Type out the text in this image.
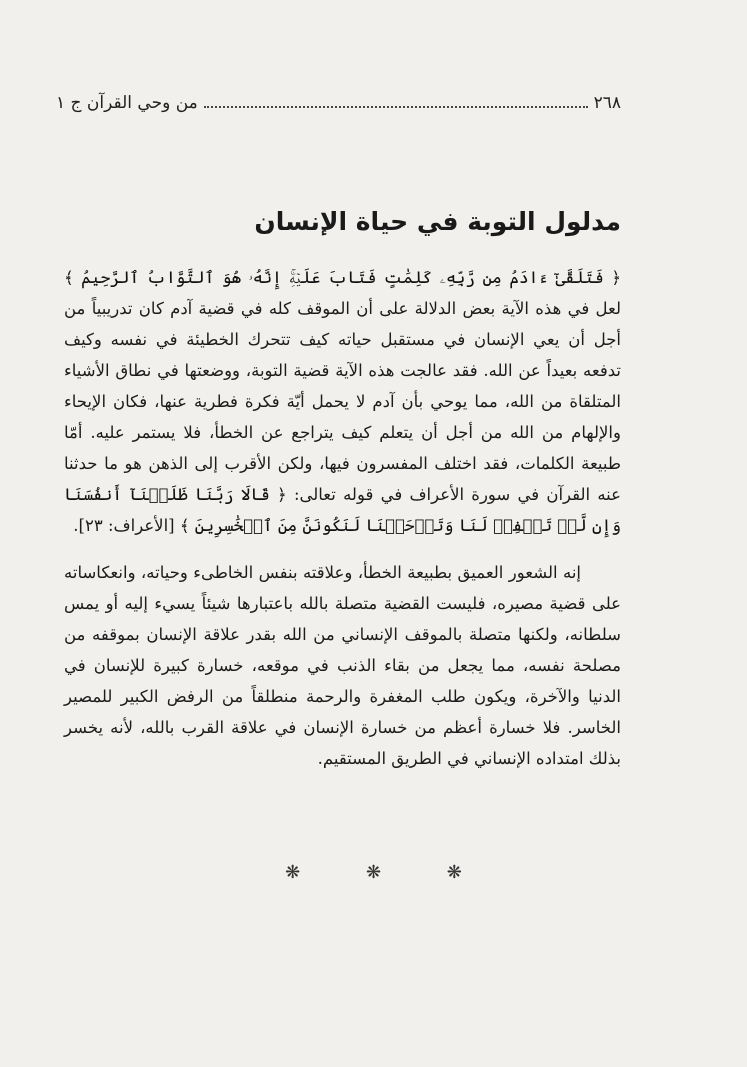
٢٦٨
من وحي القرآن ج ١
مدلول التوبة في حياة الإنسان

﴿ فَتَلَقَّىٰٓ ءَادَمُ مِن رَّبِّهِۦ كَلِمَٰتٍ فَتَابَ عَلَيۡهِۚ إِنَّهُۥ هُوَ ٱلتَّوَّابُ ٱلرَّحِيمُ ﴾ لعل في هذه الآية بعض الدلالة على أن الموقف كله في قضية آدم كان تدريبياً من أجل أن يعي الإنسان في مستقبل حياته كيف تتحرك الخطيئة في نفسه وكيف تدفعه بعيداً عن الله. فقد عالجت هذه الآية قضية التوبة، ووضعتها في نطاق الأشياء المتلقاة من الله، مما يوحي بأن آدم لا يحمل أيّة فكرة فطرية عنها، فكان الإيحاء والإلهام من الله من أجل أن يتعلم كيف يتراجع عن الخطأ، فلا يستمر عليه. أمّا طبيعة الكلمات، فقد اختلف المفسرون فيها، ولكن الأقرب إلى الذهن هو ما حدثنا عنه القرآن في سورة الأعراف في قوله تعالى: ﴿ قَالَا رَبَّنَا ظَلَمۡنَآ أَنفُسَنَا وَإِن لَّمۡ تَغۡفِرۡ لَنَا وَتَرۡحَمۡنَا لَنَكُونَنَّ مِنَ ٱلۡخَٰسِرِينَ ﴾ [الأعراف: ٢٣].

إنه الشعور العميق بطبيعة الخطأ، وعلاقته بنفس الخاطىء وحياته، وانعكاساته على قضية مصيره، فليست القضية متصلة بالله باعتبارها شيئاً يسيء إليه أو يمس سلطانه، ولكنها متصلة بالموقف الإنساني من الله بقدر علاقة الإنسان بموقفه من مصلحة نفسه، مما يجعل من بقاء الذنب في موقعه، خسارة كبيرة للإنسان في الدنيا والآخرة، ويكون طلب المغفرة والرحمة منطلقاً من الرفض الكبير للمصير الخاسر. فلا خسارة أعظم من خسارة الإنسان في علاقة القرب بالله، لأنه يخسر بذلك امتداده الإنساني في الطريق المستقيم.

❋ ❋ ❋
